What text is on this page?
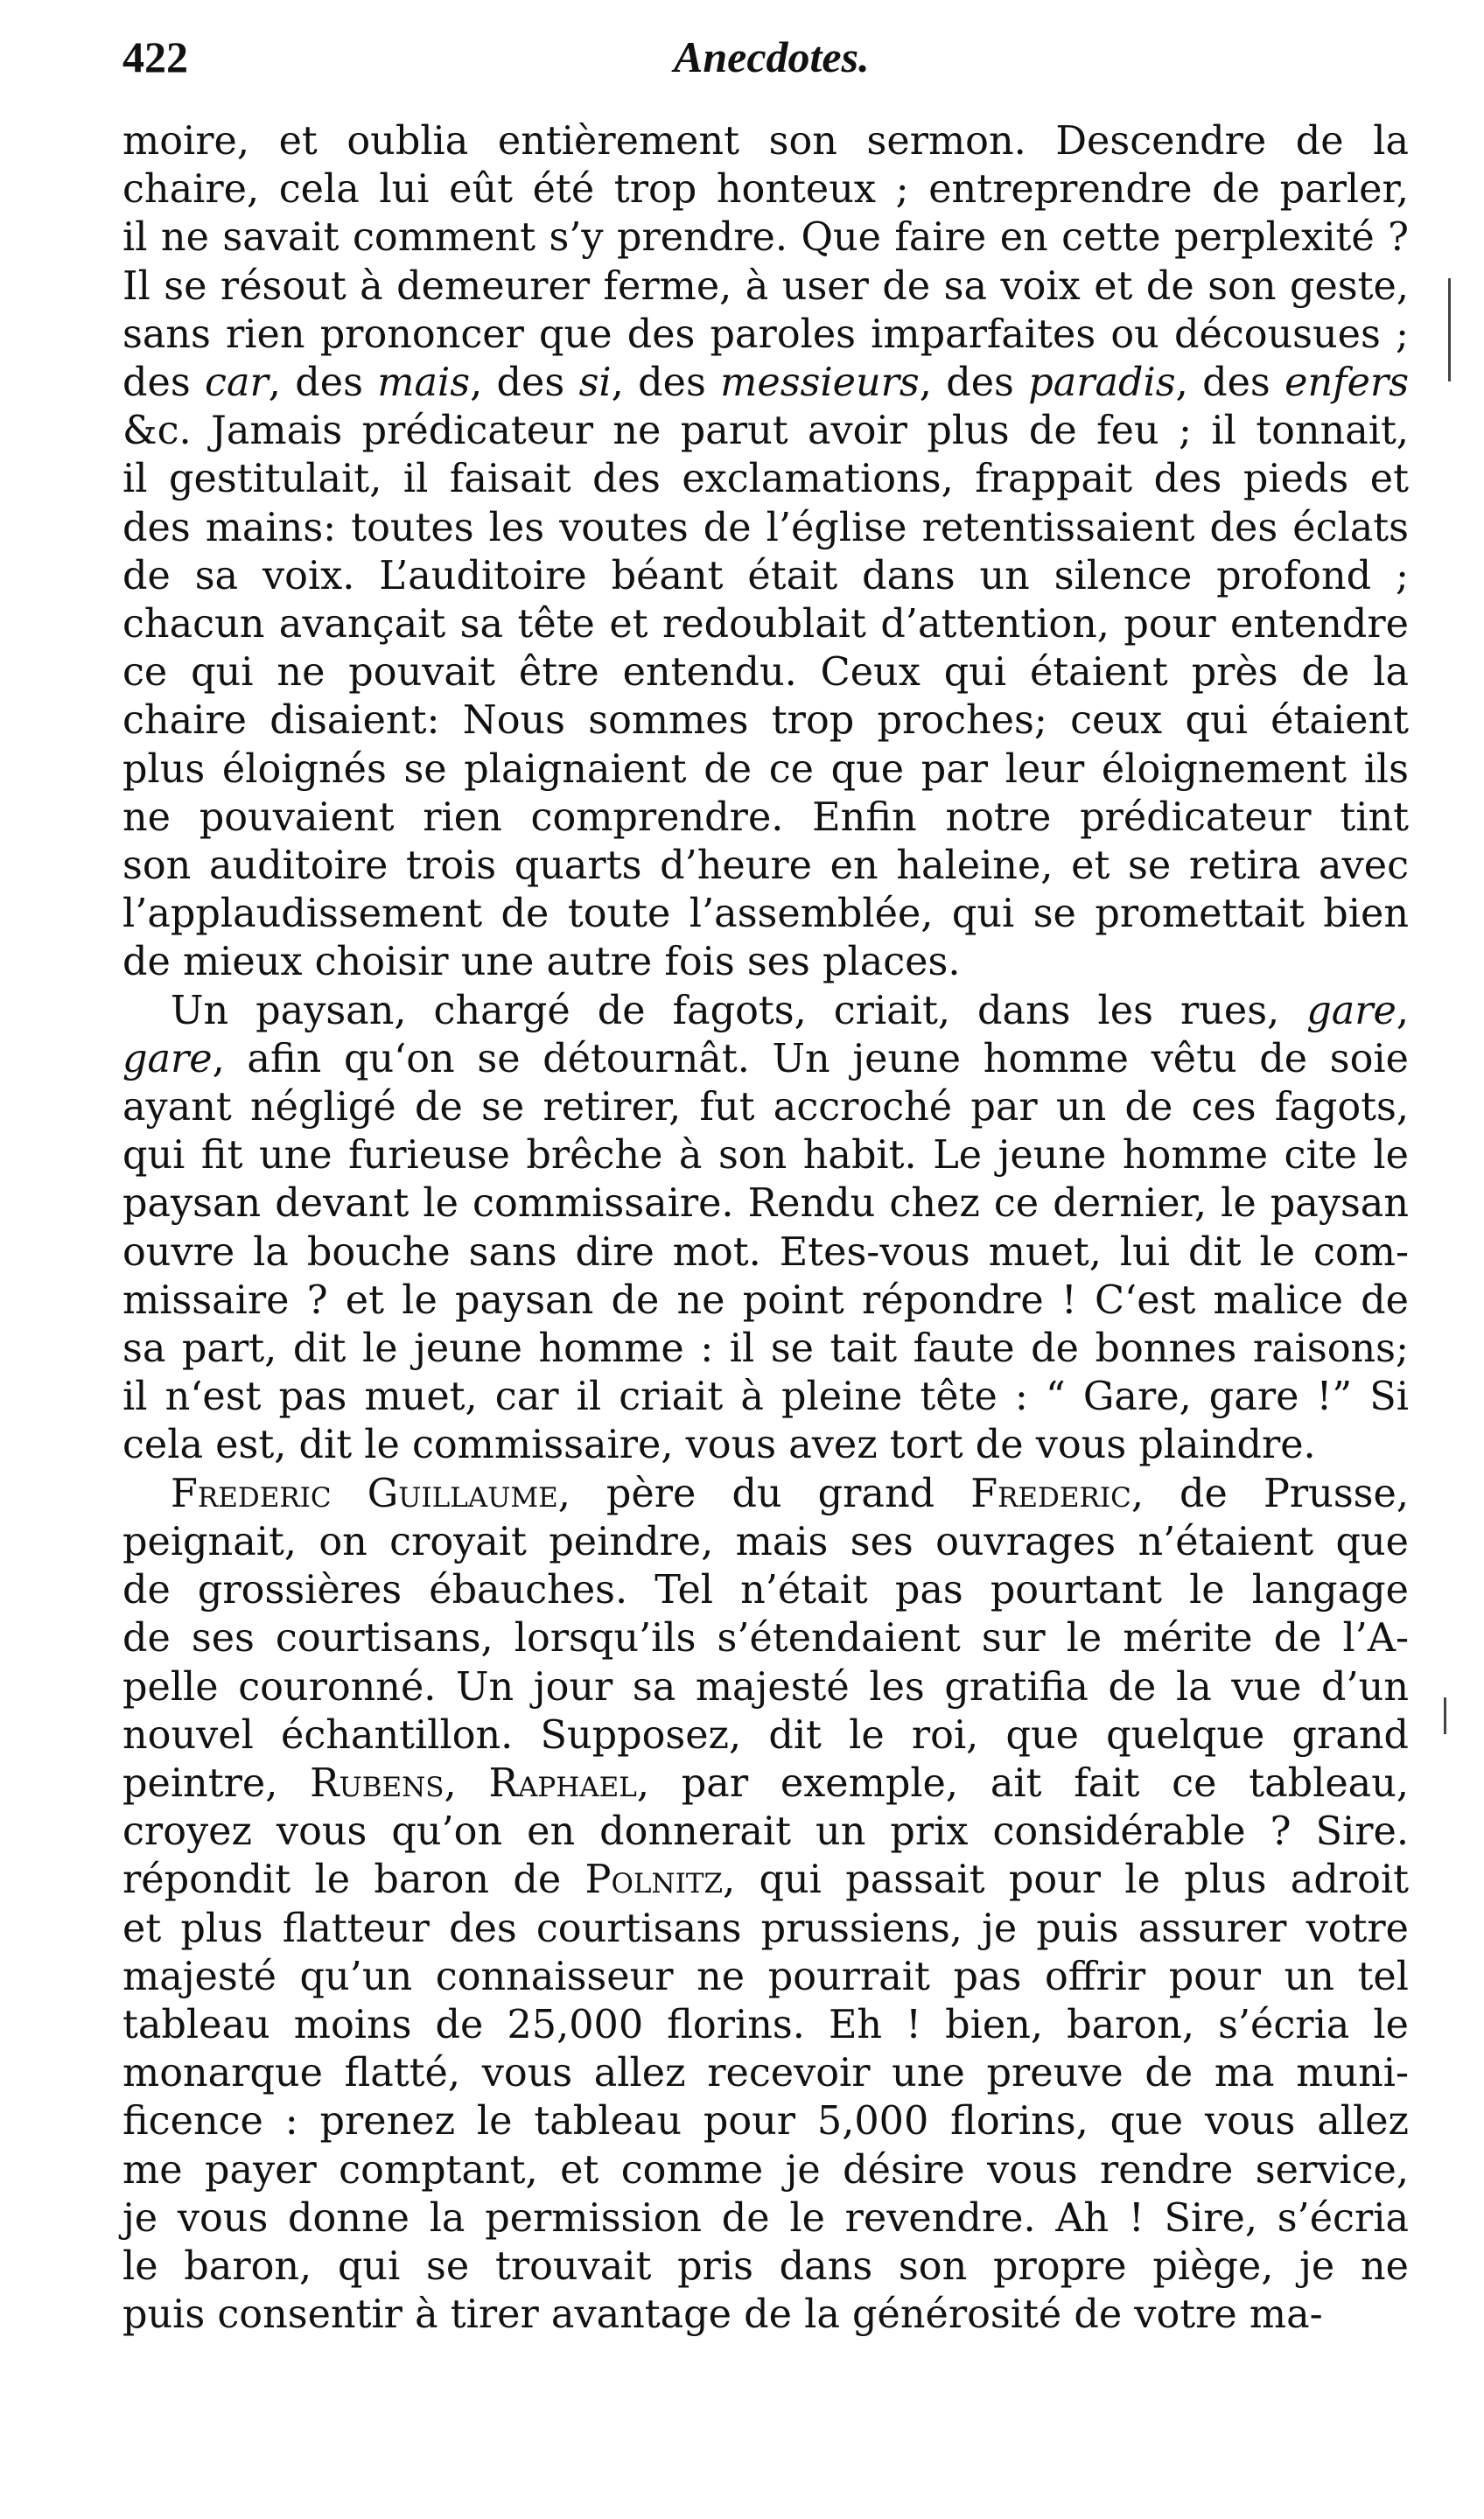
422	Anecdotes.
moire, et oublia entièrement son sermon. Descendre de la
chaire, cela lui eût été trop honteux ; entreprendre de parler,
il ne savait comment s’y prendre. Que faire en cette perplexité ?
Il se résout à demeurer ferme, à user de sa voix et de son geste,
sans rien prononcer que des paroles imparfaites ou décousues ;
des car, des mais, des si, des messieurs, des paradis, des enfers
&c. Jamais prédicateur ne parut avoir plus de feu ; il tonnait,
il gestitulait, il faisait des exclamations, frappait des pieds et
des mains: toutes les voutes de l’église retentissaient des éclats
de sa voix. L’auditoire béant était dans un silence profond ;
chacun avançait sa tête et redoublait d’attention, pour entendre
ce qui ne pouvait être entendu. Ceux qui étaient près de la
chaire disaient: Nous sommes trop proches; ceux qui étaient
plus éloignés se plaignaient de ce que par leur éloignement ils
ne pouvaient rien comprendre. Enfin notre prédicateur tint
son auditoire trois quarts d’heure en haleine, et se retira avec
l’applaudissement de toute l’assemblée, qui se promettait bien
de mieux choisir une autre fois ses places.
Un paysan, chargé de fagots, criait, dans les rues, gare,
gare, afin qu‘on se détournât. Un jeune homme vêtu de soie
ayant négligé de se retirer, fut accroché par un de ces fagots,
qui fit une furieuse brêche à son habit. Le jeune homme cite le
paysan devant le commissaire. Rendu chez ce dernier, le paysan
ouvre la bouche sans dire mot. Etes-vous muet, lui dit le com-
missaire ? et le paysan de ne point répondre ! C‘est malice de
sa part, dit le jeune homme : il se tait faute de bonnes raisons;
il n‘est pas muet, car il criait à pleine tête : “ Gare, gare !” Si
cela est, dit le commissaire, vous avez tort de vous plaindre.
Frederic Guillaume, père du grand Frederic, de Prusse,
peignait, on croyait peindre, mais ses ouvrages n’étaient que
de grossières ébauches. Tel n’était pas pourtant le langage
de ses courtisans, lorsqu’ils s’étendaient sur le mérite de l’A-
pelle couronné. Un jour sa majesté les gratifia de la vue d’un
nouvel échantillon. Supposez, dit le roi, que quelque grand
peintre, Rubens, Raphael, par exemple, ait fait ce tableau,
croyez vous qu’on en donnerait un prix considérable ? Sire.
répondit le baron de Polnitz, qui passait pour le plus adroit
et plus flatteur des courtisans prussiens, je puis assurer votre
majesté qu’un connaisseur ne pourrait pas offrir pour un tel
tableau moins de 25,000 florins. Eh ! bien, baron, s’écria le
monarque flatté, vous allez recevoir une preuve de ma muni-
ficence : prenez le tableau pour 5,000 florins, que vous allez
me payer comptant, et comme je désire vous rendre service,
je vous donne la permission de le revendre. Ah ! Sire, s’écria
le baron, qui se trouvait pris dans son propre piège, je ne
puis consentir à tirer avantage de la générosité de votre ma-
